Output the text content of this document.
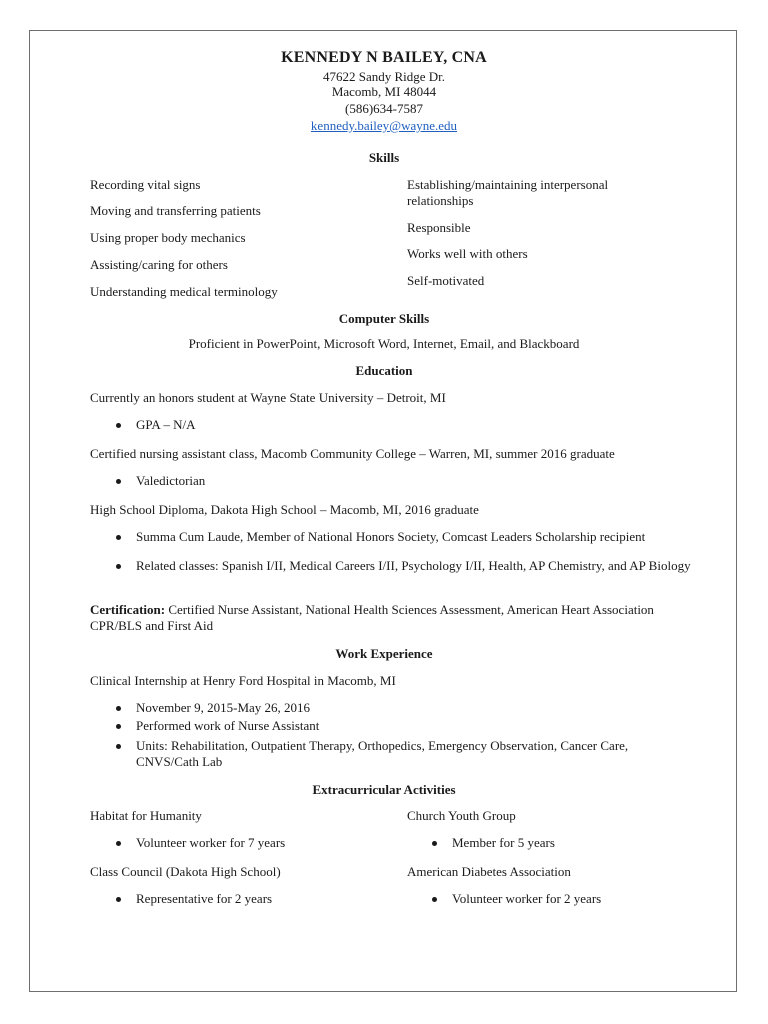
KENNEDY N BAILEY, CNA
47622 Sandy Ridge Dr.
Macomb, MI 48044
(586)634-7587
kennedy.bailey@wayne.edu
Skills
Recording vital signs
Moving and transferring patients
Using proper body mechanics
Assisting/caring for others
Understanding medical terminology
Establishing/maintaining interpersonal relationships
Responsible
Works well with others
Self-motivated
Computer Skills
Proficient in PowerPoint, Microsoft Word, Internet, Email, and Blackboard
Education
Currently an honors student at Wayne State University – Detroit, MI
GPA – N/A
Certified nursing assistant class, Macomb Community College – Warren, MI, summer 2016 graduate
Valedictorian
High School Diploma, Dakota High School – Macomb, MI, 2016 graduate
Summa Cum Laude, Member of National Honors Society, Comcast Leaders Scholarship recipient
Related classes: Spanish I/II, Medical Careers I/II, Psychology I/II, Health, AP Chemistry, and AP Biology
Certification: Certified Nurse Assistant, National Health Sciences Assessment, American Heart Association CPR/BLS and First Aid
Work Experience
Clinical Internship at Henry Ford Hospital in Macomb, MI
November 9, 2015-May 26, 2016
Performed work of Nurse Assistant
Units: Rehabilitation, Outpatient Therapy, Orthopedics, Emergency Observation, Cancer Care, CNVS/Cath Lab
Extracurricular Activities
Habitat for Humanity
Volunteer worker for 7 years
Church Youth Group
Member for 5 years
Class Council (Dakota High School)
Representative for 2 years
American Diabetes Association
Volunteer worker for 2 years
